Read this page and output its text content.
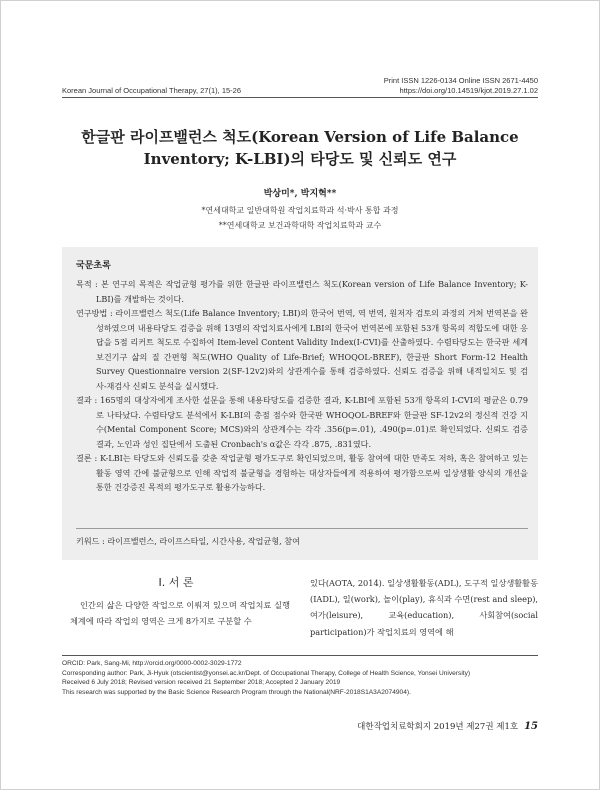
Print ISSN 1226-0134 Online ISSN 2671-4450
https://doi.org/10.14519/kjot.2019.27.1.02
Korean Journal of Occupational Therapy, 27(1), 15-26
한글판 라이프밸런스 척도(Korean Version of Life Balance
Inventory; K-LBI)의 타당도 및 신뢰도 연구
박상미*, 박지혁**
*연세대학교 일반대학원 작업치료학과 석·박사 통합 과정
**연세대학교 보건과학대학 작업치료학과 교수
국문초록

목적 : 본 연구의 목적은 작업균형 평가를 위한 한글판 라이프밸런스 척도(Korean version of Life Balance Inventory; K-LBI)를 개발하는 것이다.

연구방법 : 라이프밸런스 척도(Life Balance Inventory; LBI)의 한국어 번역, 역 번역, 원저자 검토의 과정의 거쳐 번역본을 완성하였으며 내용타당도 검증을 위해 13명의 작업치료사에게 LBI의 한국어 번역본에 포함된 53개 항목의 적합도에 대한 응답을 5점 리커트 척도로 수집하여 Item-level Content Validity Index(I-CVI)를 산출하였다. 수렴타당도는 한국판 세계보건기구 삶의 질 간편형 척도(WHO Quality of Life-Brief; WHOQOL-BREF), 한글판 Short Form-12 Health Survey Questionnaire version 2(SF-12v2)와의 상관계수를 통해 검증하였다. 신뢰도 검증을 위해 내적일치도 및 검사-재검사 신뢰도 분석을 실시했다.

결과 : 165명의 대상자에게 조사한 설문을 통해 내용타당도를 검증한 결과, K-LBI에 포함된 53개 항목의 I-CVI의 평균은 0.79로 나타났다. 수렴타당도 분석에서 K-LBI의 총점 점수와 한국판 WHOQOL-BREF와 한글판 SF-12v2의 정신적 건강 지수(Mental Component Score; MCS)와의 상관계수는 각각 .356(p=.01), .490(p=.01)로 확인되었다. 신뢰도 검증 결과, 노인과 성인 집단에서 도출된 Cronbach's α값은 각각 .875, .831였다.

결론 : K-LBI는 타당도와 신뢰도를 갖춘 작업균형 평가도구로 확인되었으며, 활동 참여에 대한 만족도 저하, 혹은 참여하고 있는 활동 영역 간에 불균형으로 인해 작업적 불균형을 경험하는 대상자들에게 적용하여 평가함으로써 일상생활 양식의 개선을 통한 건강증진 목적의 평가도구로 활용가능하다.

키워드 : 라이프밸런스, 라이프스타일, 시간사용, 작업균형, 참여
Ⅰ. 서 론
인간의 삶은 다양한 작업으로 이뤄져 있으며 작업치료 실행체계에 따라 작업의 영역은 크게 8가지로 구분할 수
있다(AOTA, 2014). 일상생활활동(ADL), 도구적 일상생활활동(IADL), 일(work), 놀이(play), 휴식과 수면(rest and sleep), 여가(leisure), 교육(education), 사회참여(social participation)가 작업치료의 영역에 해
ORCID: Park, Sang-Mi, http://orcid.org/0000-0002-3029-1772
Corresponding author: Park, Ji-Hyuk (otscientist@yonsei.ac.kr/Dept. of Occupational Therapy, College of Health Science, Yonsei University)
Received 6 July 2018; Revised version received 21 September 2018; Accepted 2 January 2019
This research was supported by the Basic Science Research Program through the National(NRF-2018S1A3A2074904).
대한작업치료학회지 2019년 제27권 제1호 15
